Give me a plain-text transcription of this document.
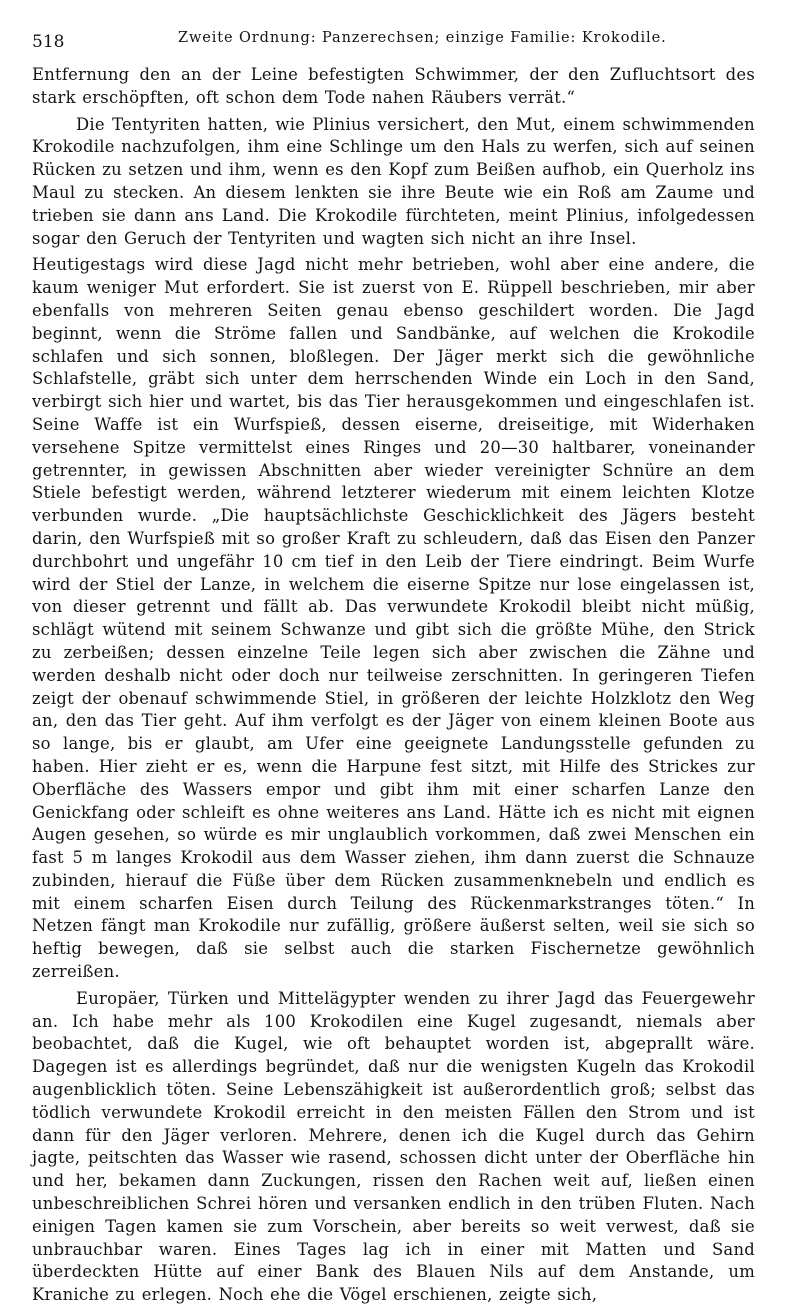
518	Zweite Ordnung: Panzerechsen; einzige Familie: Krokodile.

Entfernung den an der Leine befestigten Schwimmer, der den Zufluchtsort des stark erschöpften, oft schon dem Tode nahen Räubers verrät.“

Die Tentyriten hatten, wie Plinius versichert, den Mut, einem schwimmenden Krokodile nachzufolgen, ihm eine Schlinge um den Hals zu werfen, sich auf seinen Rücken zu setzen und ihm, wenn es den Kopf zum Beißen aufhob, ein Querholz ins Maul zu stecken. An diesem lenkten sie ihre Beute wie ein Roß am Zaume und trieben sie dann ans Land. Die Krokodile fürchteten, meint Plinius, infolgedessen sogar den Geruch der Tentyriten und wagten sich nicht an ihre Insel.

Heutigestags wird diese Jagd nicht mehr betrieben, wohl aber eine andere, die kaum weniger Mut erfordert. Sie ist zuerst von E. Rüppell beschrieben, mir aber ebenfalls von mehreren Seiten genau ebenso geschildert worden. Die Jagd beginnt, wenn die Ströme fallen und Sandbänke, auf welchen die Krokodile schlafen und sich sonnen, bloßlegen. Der Jäger merkt sich die gewöhnliche Schlafstelle, gräbt sich unter dem herrschenden Winde ein Loch in den Sand, verbirgt sich hier und wartet, bis das Tier herausgekommen und eingeschlafen ist. Seine Waffe ist ein Wurfspieß, dessen eiserne, dreiseitige, mit Widerhaken versehene Spitze vermittelst eines Ringes und 20—30 haltbarer, voneinander getrennter, in gewissen Abschnitten aber wieder vereinigter Schnüre an dem Stiele befestigt werden, während letzterer wiederum mit einem leichten Klotze verbunden wurde. „Die hauptsächlichste Geschicklichkeit des Jägers besteht darin, den Wurfspieß mit so großer Kraft zu schleudern, daß das Eisen den Panzer durchbohrt und ungefähr 10 cm tief in den Leib der Tiere eindringt. Beim Wurfe wird der Stiel der Lanze, in welchem die eiserne Spitze nur lose eingelassen ist, von dieser getrennt und fällt ab. Das verwundete Krokodil bleibt nicht müßig, schlägt wütend mit seinem Schwanze und gibt sich die größte Mühe, den Strick zu zerbeißen; dessen einzelne Teile legen sich aber zwischen die Zähne und werden deshalb nicht oder doch nur teilweise zerschnitten. In geringeren Tiefen zeigt der obenauf schwimmende Stiel, in größeren der leichte Holzklotz den Weg an, den das Tier geht. Auf ihm verfolgt es der Jäger von einem kleinen Boote aus so lange, bis er glaubt, am Ufer eine geeignete Landungsstelle gefunden zu haben. Hier zieht er es, wenn die Harpune fest sitzt, mit Hilfe des Strickes zur Oberfläche des Wassers empor und gibt ihm mit einer scharfen Lanze den Genickfang oder schleift es ohne weiteres ans Land. Hätte ich es nicht mit eignen Augen gesehen, so würde es mir unglaublich vorkommen, daß zwei Menschen ein fast 5 m langes Krokodil aus dem Wasser ziehen, ihm dann zuerst die Schnauze zubinden, hierauf die Füße über dem Rücken zusammenknebeln und endlich es mit einem scharfen Eisen durch Teilung des Rückenmarkstranges töten.“ In Netzen fängt man Krokodile nur zufällig, größere äußerst selten, weil sie sich so heftig bewegen, daß sie selbst auch die starken Fischernetze gewöhnlich zerreißen.

Europäer, Türken und Mittelägypter wenden zu ihrer Jagd das Feuergewehr an. Ich habe mehr als 100 Krokodilen eine Kugel zugesandt, niemals aber beobachtet, daß die Kugel, wie oft behauptet worden ist, abgeprallt wäre. Dagegen ist es allerdings begründet, daß nur die wenigsten Kugeln das Krokodil augenblicklich töten. Seine Lebenszähigkeit ist außerordentlich groß; selbst das tödlich verwundete Krokodil erreicht in den meisten Fällen den Strom und ist dann für den Jäger verloren. Mehrere, denen ich die Kugel durch das Gehirn jagte, peitschten das Wasser wie rasend, schossen dicht unter der Oberfläche hin und her, bekamen dann Zuckungen, rissen den Rachen weit auf, ließen einen unbeschreiblichen Schrei hören und versanken endlich in den trüben Fluten. Nach einigen Tagen kamen sie zum Vorschein, aber bereits so weit verwest, daß sie unbrauchbar waren. Eines Tages lag ich in einer mit Matten und Sand überdeckten Hütte auf einer Bank des Blauen Nils auf dem Anstande, um Kraniche zu erlegen. Noch ehe die Vögel erschienen, zeigte sich,
